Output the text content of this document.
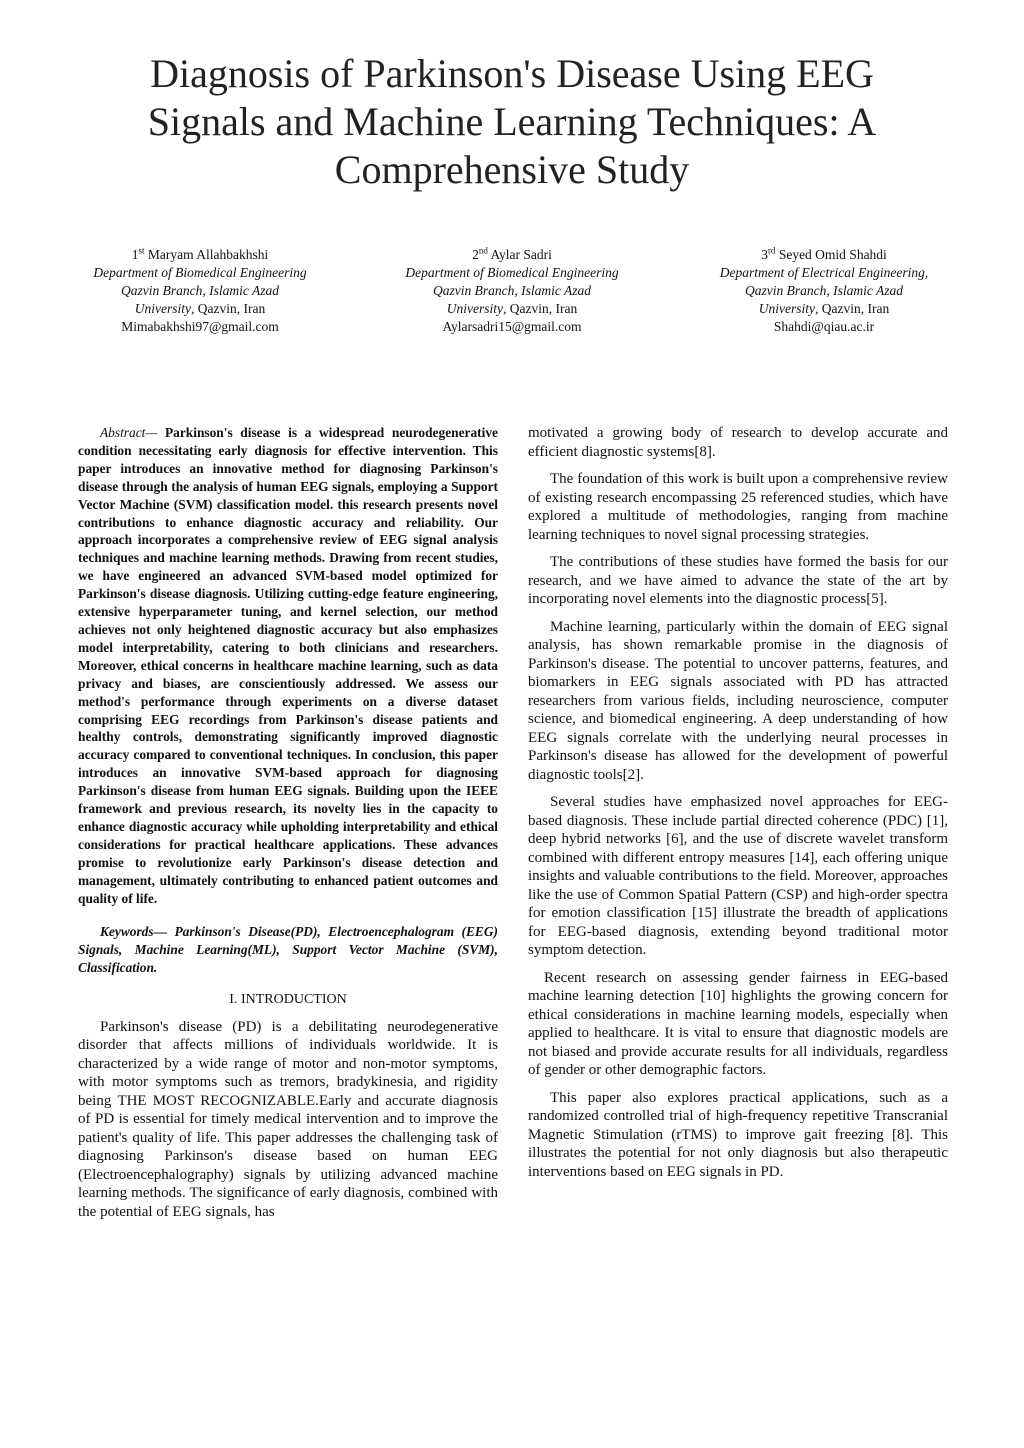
Diagnosis of Parkinson's Disease Using EEG Signals and Machine Learning Techniques: A Comprehensive Study
1st Maryam Allahbakhshi
Department of Biomedical Engineering
Qazvin Branch, Islamic Azad
University, Qazvin, Iran
Mimabakhshi97@gmail.com
2nd Aylar Sadri
Department of Biomedical Engineering
Qazvin Branch, Islamic Azad
University, Qazvin, Iran
Aylarsadri15@gmail.com
3rd Seyed Omid Shahdi
Department of Electrical Engineering,
Qazvin Branch, Islamic Azad
University, Qazvin, Iran
Shahdi@qiau.ac.ir

Abstract— Parkinson's disease is a widespread neurodegenerative condition necessitating early diagnosis for effective intervention. This paper introduces an innovative method for diagnosing Parkinson's disease through the analysis of human EEG signals, employing a Support Vector Machine (SVM) classification model. this research presents novel contributions to enhance diagnostic accuracy and reliability. Our approach incorporates a comprehensive review of EEG signal analysis techniques and machine learning methods. Drawing from recent studies, we have engineered an advanced SVM-based model optimized for Parkinson's disease diagnosis. Utilizing cutting-edge feature engineering, extensive hyperparameter tuning, and kernel selection, our method achieves not only heightened diagnostic accuracy but also emphasizes model interpretability, catering to both clinicians and researchers. Moreover, ethical concerns in healthcare machine learning, such as data privacy and biases, are conscientiously addressed. We assess our method's performance through experiments on a diverse dataset comprising EEG recordings from Parkinson's disease patients and healthy controls, demonstrating significantly improved diagnostic accuracy compared to conventional techniques. In conclusion, this paper introduces an innovative SVM-based approach for diagnosing Parkinson's disease from human EEG signals. Building upon the IEEE framework and previous research, its novelty lies in the capacity to enhance diagnostic accuracy while upholding interpretability and ethical considerations for practical healthcare applications. These advances promise to revolutionize early Parkinson's disease detection and management, ultimately contributing to enhanced patient outcomes and quality of life.

Keywords— Parkinson's Disease(PD), Electroencephalogram (EEG) Signals, Machine Learning(ML), Support Vector Machine (SVM), Classification.

I. INTRODUCTION

Parkinson's disease (PD) is a debilitating neurodegenerative disorder that affects millions of individuals worldwide. It is characterized by a wide range of motor and non-motor symptoms, with motor symptoms such as tremors, bradykinesia, and rigidity being THE MOST RECOGNIZABLE.Early and accurate diagnosis of PD is essential for timely medical intervention and to improve the patient's quality of life. This paper addresses the challenging task of diagnosing Parkinson's disease based on human EEG (Electroencephalography) signals by utilizing advanced machine learning methods. The significance of early diagnosis, combined with the potential of EEG signals, has

motivated a growing body of research to develop accurate and efficient diagnostic systems[8].

The foundation of this work is built upon a comprehensive review of existing research encompassing 25 referenced studies, which have explored a multitude of methodologies, ranging from machine learning techniques to novel signal processing strategies.

The contributions of these studies have formed the basis for our research, and we have aimed to advance the state of the art by incorporating novel elements into the diagnostic process[5].

Machine learning, particularly within the domain of EEG signal analysis, has shown remarkable promise in the diagnosis of Parkinson's disease. The potential to uncover patterns, features, and biomarkers in EEG signals associated with PD has attracted researchers from various fields, including neuroscience, computer science, and biomedical engineering. A deep understanding of how EEG signals correlate with the underlying neural processes in Parkinson's disease has allowed for the development of powerful diagnostic tools[2].

Several studies have emphasized novel approaches for EEG-based diagnosis. These include partial directed coherence (PDC) [1], deep hybrid networks [6], and the use of discrete wavelet transform combined with different entropy measures [14], each offering unique insights and valuable contributions to the field. Moreover, approaches like the use of Common Spatial Pattern (CSP) and high-order spectra for emotion classification [15] illustrate the breadth of applications for EEG-based diagnosis, extending beyond traditional motor symptom detection.

Recent research on assessing gender fairness in EEG-based machine learning detection [10] highlights the growing concern for ethical considerations in machine learning models, especially when applied to healthcare. It is vital to ensure that diagnostic models are not biased and provide accurate results for all individuals, regardless of gender or other demographic factors.

This paper also explores practical applications, such as a randomized controlled trial of high-frequency repetitive Transcranial Magnetic Stimulation (rTMS) to improve gait freezing [8]. This illustrates the potential for not only diagnosis but also therapeutic interventions based on EEG signals in PD.
